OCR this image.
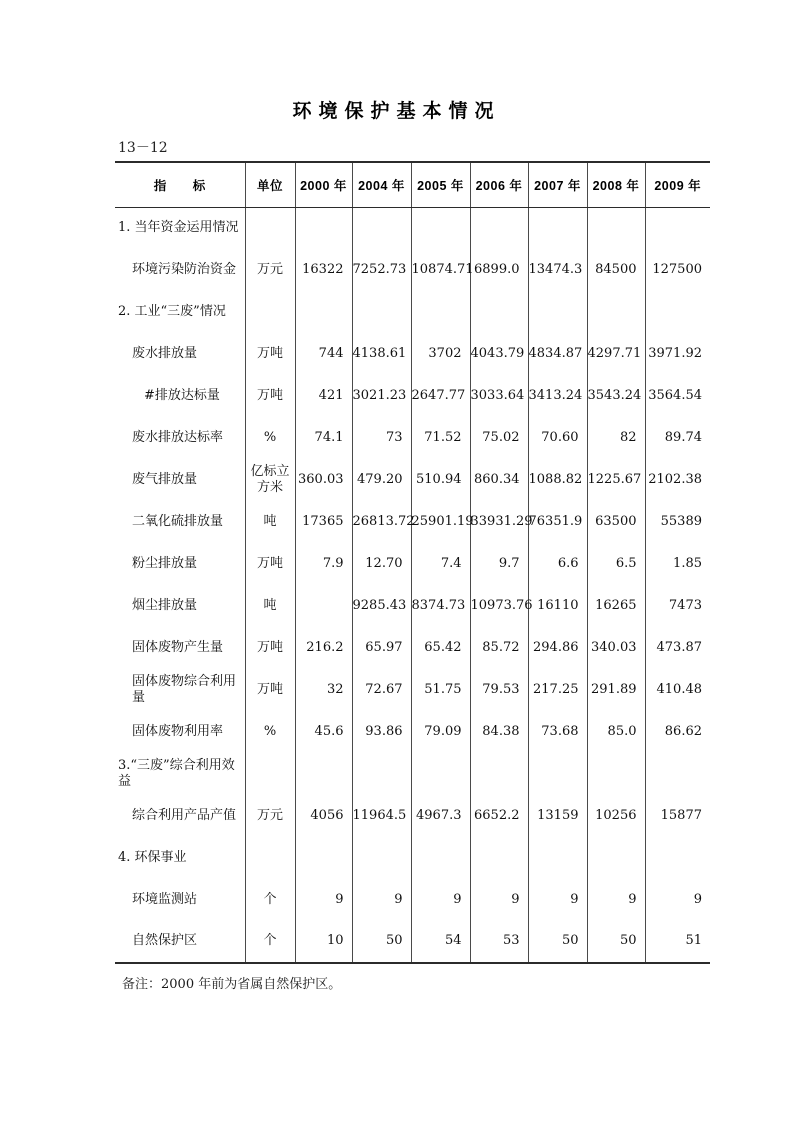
环境保护基本情况
13－12
指　　标	单位	2000 年	2004 年	2005 年	2006 年	2007 年	2008 年	2009 年
1. 当年资金运用情况								
环境污染防治资金	万元	16322	7252.73	10874.71	6899.0	13474.3	84500	127500
2. 工业“三废”情况								
废水排放量	万吨	744	4138.61	3702	4043.79	4834.87	4297.71	3971.92
#排放达标量	万吨	421	3021.23	2647.77	3033.64	3413.24	3543.24	3564.54
废水排放达标率	%	74.1	73	71.52	75.02	70.60	82	89.74
废气排放量	亿标立方米	360.03	479.20	510.94	860.34	1088.82	1225.67	2102.38
二氧化硫排放量	吨	17365	26813.72	25901.19	33931.29	76351.9	63500	55389
粉尘排放量	万吨	7.9	12.70	7.4	9.7	6.6	6.5	1.85
烟尘排放量	吨		9285.43	8374.73	10973.76	16110	16265	7473
固体废物产生量	万吨	216.2	65.97	65.42	85.72	294.86	340.03	473.87
固体废物综合利用量	万吨	32	72.67	51.75	79.53	217.25	291.89	410.48
固体废物利用率	%	45.6	93.86	79.09	84.38	73.68	85.0	86.62
3.“三废”综合利用效益								
综合利用产品产值	万元	4056	11964.5	4967.3	6652.2	13159	10256	15877
4. 环保事业								
环境监测站	个	9	9	9	9	9	9	9
自然保护区	个	10	50	54	53	50	50	51
备注：2000 年前为省属自然保护区。
